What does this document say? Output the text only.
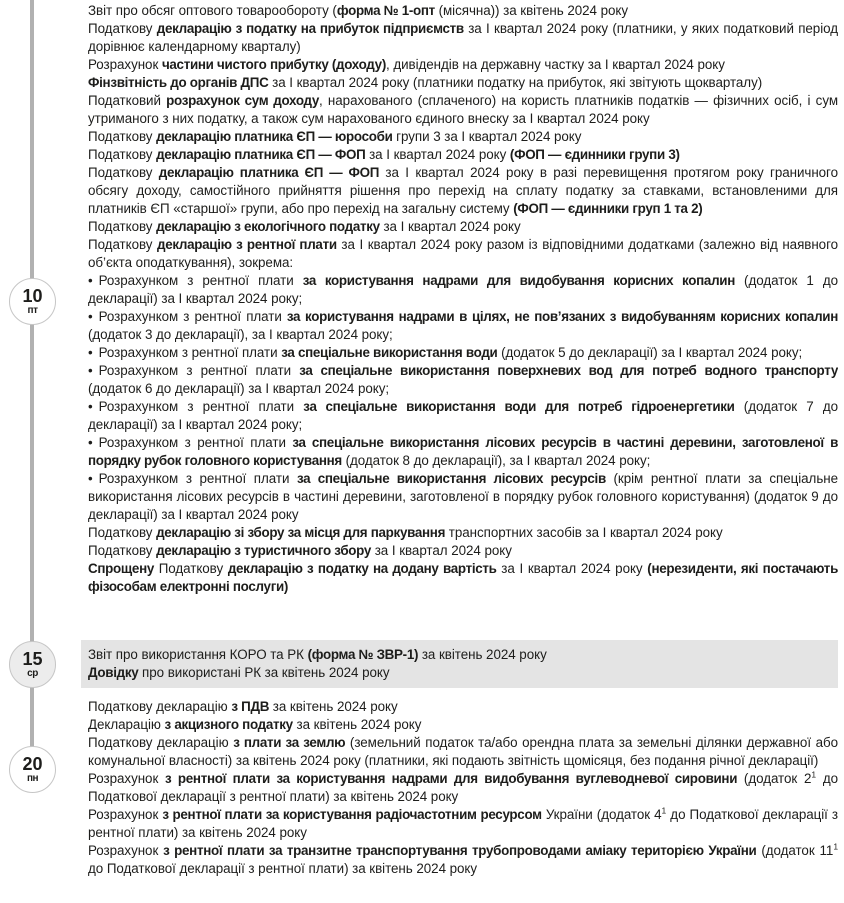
10
пт
15
ср
20
пн

Звіт про обсяг оптового товарообороту (форма № 1-опт (місячна)) за квітень 2024 року

Податкову декларацію з податку на прибуток підприємств за І квартал 2024 року (платники, у яких податковий період дорівнює календарному кварталу)

Розрахунок частини чистого прибутку (доходу), дивідендів на державну частку за І квартал 2024 року

Фінзвітність до органів ДПС за І квартал 2024 року (платники податку на прибуток, які звітують щокварталу)

Податковий розрахунок сум доходу, нарахованого (сплаченого) на користь платників податків — фізичних осіб, і сум утриманого з них податку, а також сум нарахованого єдиного внеску за І квартал 2024 року

Податкову декларацію платника ЄП — юрособи групи 3 за І квартал 2024 року

Податкову декларацію платника ЄП — ФОП за І квартал 2024 року (ФОП — єдинники групи 3)

Податкову декларацію платника ЄП — ФОП за І квартал 2024 року в разі перевищення протягом року граничного обсягу доходу, самостійного прийняття рішення про перехід на сплату податку за ставками, встановленими для платників ЄП «старшої» групи, або про перехід на загальну систему (ФОП — єдинники груп 1 та 2)

Податкову декларацію з екологічного податку за І квартал 2024 року

Податкову декларацію з рентної плати за І квартал 2024 року разом із відповідними додатками (залежно від наявного об’єкта оподаткування), зокрема:

• Розрахунком з рентної плати за користування надрами для видобування корисних копалин (додаток 1 до декларації) за І квартал 2024 року;

• Розрахунком з рентної плати за користування надрами в цілях, не пов’язаних з видобуванням корисних копалин (додаток 3 до декларації), за І квартал 2024 року;

• Розрахунком з рентної плати за спеціальне використання води (додаток 5 до декларації) за І квартал 2024 року;

• Розрахунком з рентної плати за спеціальне використання поверхневих вод для потреб водного транспорту (додаток 6 до декларації) за І квартал 2024 року;

• Розрахунком з рентної плати за спеціальне використання води для потреб гідроенергетики (додаток 7 до декларації) за І квартал 2024 року;

• Розрахунком з рентної плати за спеціальне використання лісових ресурсів в частині деревини, заготовленої в порядку рубок головного користування (додаток 8 до декларації), за І квартал 2024 року;

• Розрахунком з рентної плати за спеціальне використання лісових ресурсів (крім рентної плати за спеціальне використання лісових ресурсів в частині деревини, заготовленої в порядку рубок головного користування) (додаток 9 до декларації) за І квартал 2024 року

Податкову декларацію зі збору за місця для паркування транспортних засобів за І квартал 2024 року

Податкову декларацію з туристичного збору за І квартал 2024 року

Спрощену Податкову декларацію з податку на додану вартість за І квартал 2024 року (нерезиденти, які постачають фізособам електронні послуги)

Звіт про використання КОРО та РК (форма № ЗВР-1) за квітень 2024 року

Довідку про використані РК за квітень 2024 року

Податкову декларацію з ПДВ за квітень 2024 року

Декларацію з акцизного податку за квітень 2024 року

Податкову декларацію з плати за землю (земельний податок та/або орендна плата за земельні ділянки державної або комунальної власності) за квітень 2024 року (платники, які подають звітність щомісяця, без подання річної декларації)

Розрахунок з рентної плати за користування надрами для видобування вуглеводневої сировини (додаток 2$^1$ до Податкової декларації з рентної плати) за квітень 2024 року

Розрахунок з рентної плати за користування радіочастотним ресурсом України (додаток 4$^1$ до Податкової декларації з рентної плати) за квітень 2024 року

Розрахунок з рентної плати за транзитне транспортування трубопроводами аміаку територією України (додаток 11$^1$ до Податкової декларації з рентної плати) за квітень 2024 року
